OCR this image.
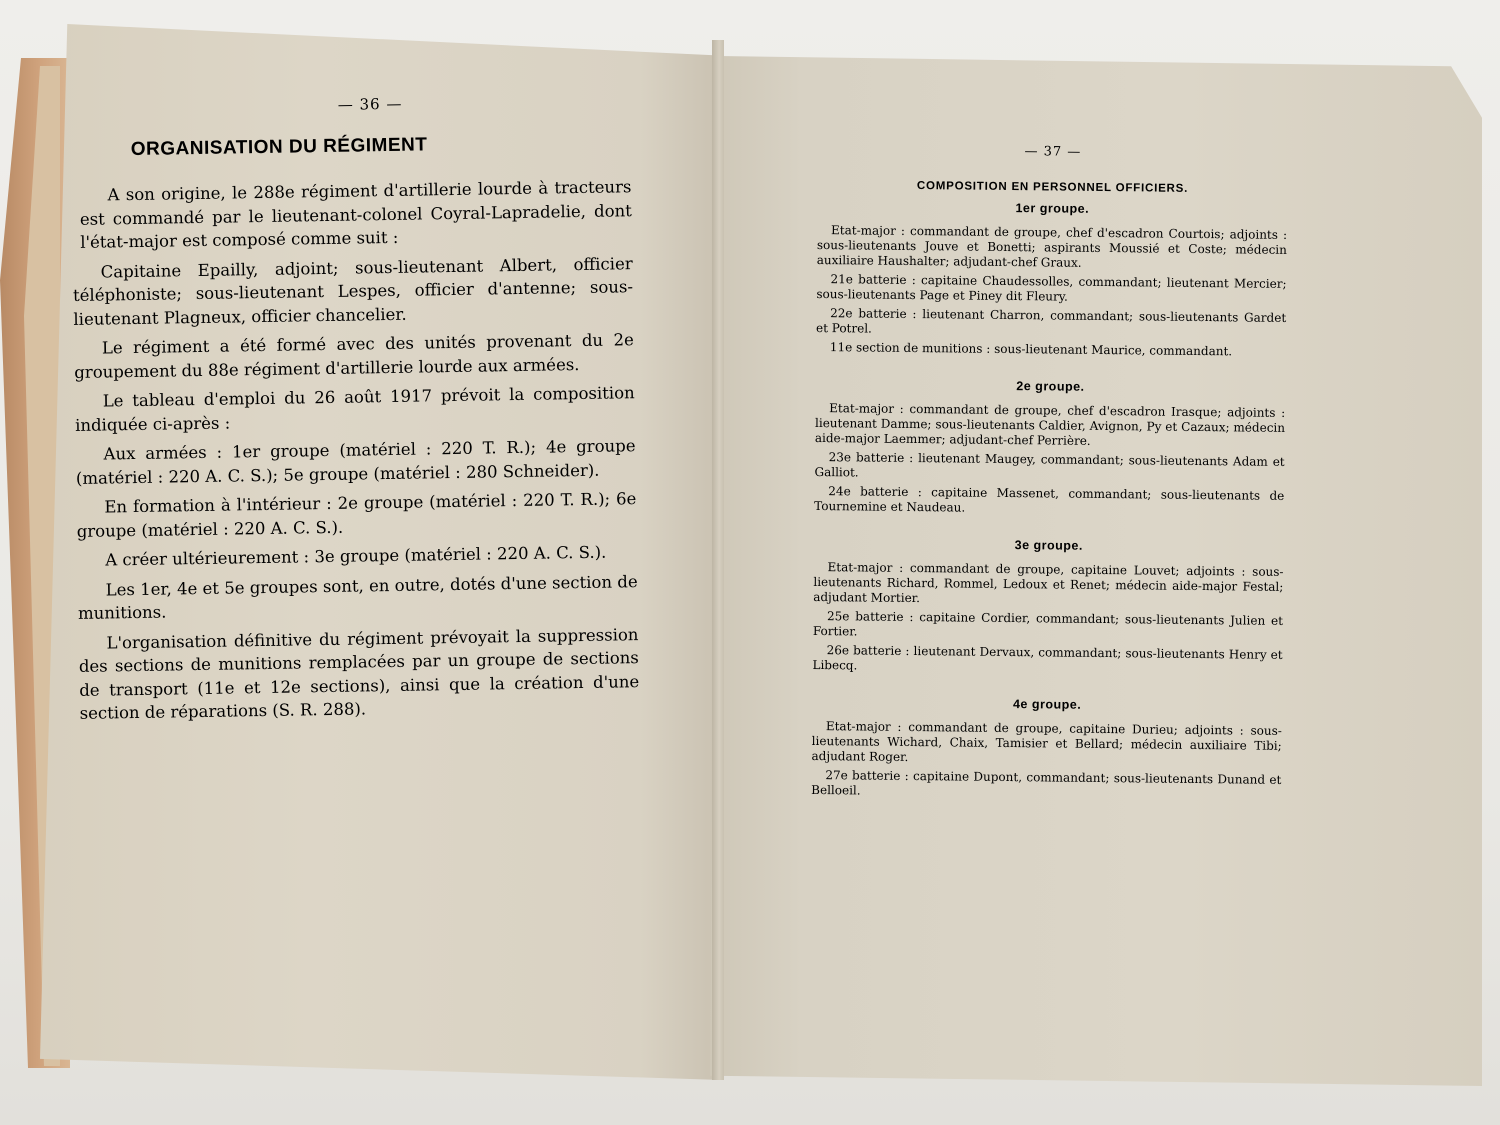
— 36 —
ORGANISATION DU RÉGIMENT

A son origine, le 288e régiment d'artillerie lourde à tracteurs est commandé par le lieutenant-colonel Coyral-Lapradelie, dont l'état-major est composé comme suit :

Capitaine Epailly, adjoint; sous-lieutenant Albert, officier téléphoniste; sous-lieutenant Lespes, officier d'antenne; sous-lieutenant Plagneux, officier chancelier.

Le régiment a été formé avec des unités provenant du 2e groupement du 88e régiment d'artillerie lourde aux armées.

Le tableau d'emploi du 26 août 1917 prévoit la composition indiquée ci-après :

Aux armées : 1er groupe (matériel : 220 T. R.); 4e groupe (matériel : 220 A. C. S.); 5e groupe (matériel : 280 Schneider).

En formation à l'intérieur : 2e groupe (matériel : 220 T. R.); 6e groupe (matériel : 220 A. C. S.).

A créer ultérieurement : 3e groupe (matériel : 220 A. C. S.).

Les 1er, 4e et 5e groupes sont, en outre, dotés d'une section de munitions.

L'organisation définitive du régiment prévoyait la suppression des sections de munitions remplacées par un groupe de sections de transport (11e et 12e sections), ainsi que la création d'une section de réparations (S. R. 288).

— 37 —
COMPOSITION EN PERSONNEL OFFICIERS.
1er groupe.

Etat-major : commandant de groupe, chef d'escadron Courtois; adjoints : sous-lieutenants Jouve et Bonetti; aspirants Moussié et Coste; médecin auxiliaire Haushalter; adjudant-chef Graux.

21e batterie : capitaine Chaudessolles, commandant; lieutenant Mercier; sous-lieutenants Page et Piney dit Fleury.

22e batterie : lieutenant Charron, commandant; sous-lieutenants Gardet et Potrel.

11e section de munitions : sous-lieutenant Maurice, commandant.

2e groupe.

Etat-major : commandant de groupe, chef d'escadron Irasque; adjoints : lieutenant Damme; sous-lieutenants Caldier, Avignon, Py et Cazaux; médecin aide-major Laemmer; adjudant-chef Perrière.

23e batterie : lieutenant Maugey, commandant; sous-lieutenants Adam et Galliot.

24e batterie : capitaine Massenet, commandant; sous-lieutenants de Tournemine et Naudeau.

3e groupe.

Etat-major : commandant de groupe, capitaine Louvet; adjoints : sous-lieutenants Richard, Rommel, Ledoux et Renet; médecin aide-major Festal; adjudant Mortier.

25e batterie : capitaine Cordier, commandant; sous-lieutenants Julien et Fortier.

26e batterie : lieutenant Dervaux, commandant; sous-lieutenants Henry et Libecq.

4e groupe.

Etat-major : commandant de groupe, capitaine Durieu; adjoints : sous-lieutenants Wichard, Chaix, Tamisier et Bellard; médecin auxiliaire Tibi; adjudant Roger.

27e batterie : capitaine Dupont, commandant; sous-lieutenants Dunand et Belloeil.
